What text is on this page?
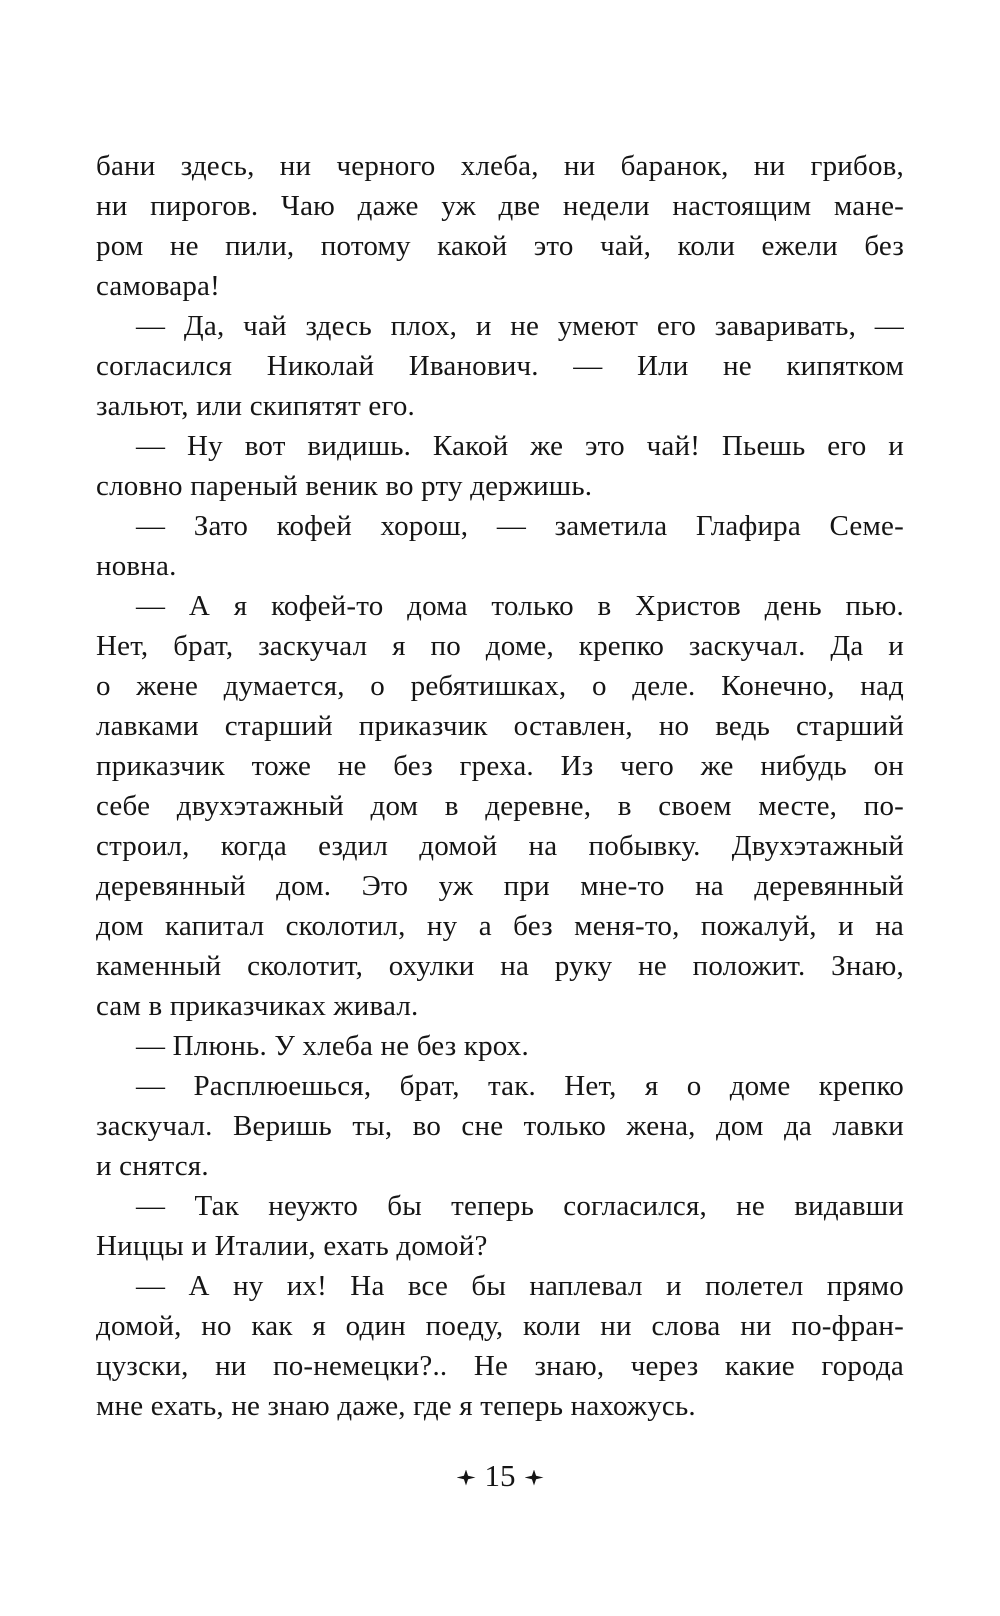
бани здесь, ни черного хлеба, ни баранок, ни грибов,
ни пирогов. Чаю даже уж две недели настоящим мане-
ром не пили, потому какой это чай, коли ежели без
самовара!
— Да, чай здесь плох, и не умеют его заваривать, —
согласился Николай Иванович. — Или не кипятком
зальют, или скипятят его.
— Ну вот видишь. Какой же это чай! Пьешь его и
словно пареный веник во рту держишь.
— Зато кофей хорош, — заметила Глафира Семе-
новна.
— А я кофей-то дома только в Христов день пью.
Нет, брат, заскучал я по доме, крепко заскучал. Да и
о жене думается, о ребятишках, о деле. Конечно, над
лавками старший приказчик оставлен, но ведь старший
приказчик тоже не без греха. Из чего же нибудь он
себе двухэтажный дом в деревне, в своем месте, по-
строил, когда ездил домой на побывку. Двухэтажный
деревянный дом. Это уж при мне-то на деревянный
дом капитал сколотил, ну а без меня-то, пожалуй, и на
каменный сколотит, охулки на руку не положит. Знаю,
сам в приказчиках живал.
— Плюнь. У хлеба не без крох.
— Расплюешься, брат, так. Нет, я о доме крепко
заскучал. Веришь ты, во сне только жена, дом да лавки
и снятся.
— Так неужто бы теперь согласился, не видавши
Ниццы и Италии, ехать домой?
— А ну их! На все бы наплевал и полетел прямо
домой, но как я один поеду, коли ни слова ни по-фран-
цузски, ни по-немецки?.. Не знаю, через какие города
мне ехать, не знаю даже, где я теперь нахожусь.
15
